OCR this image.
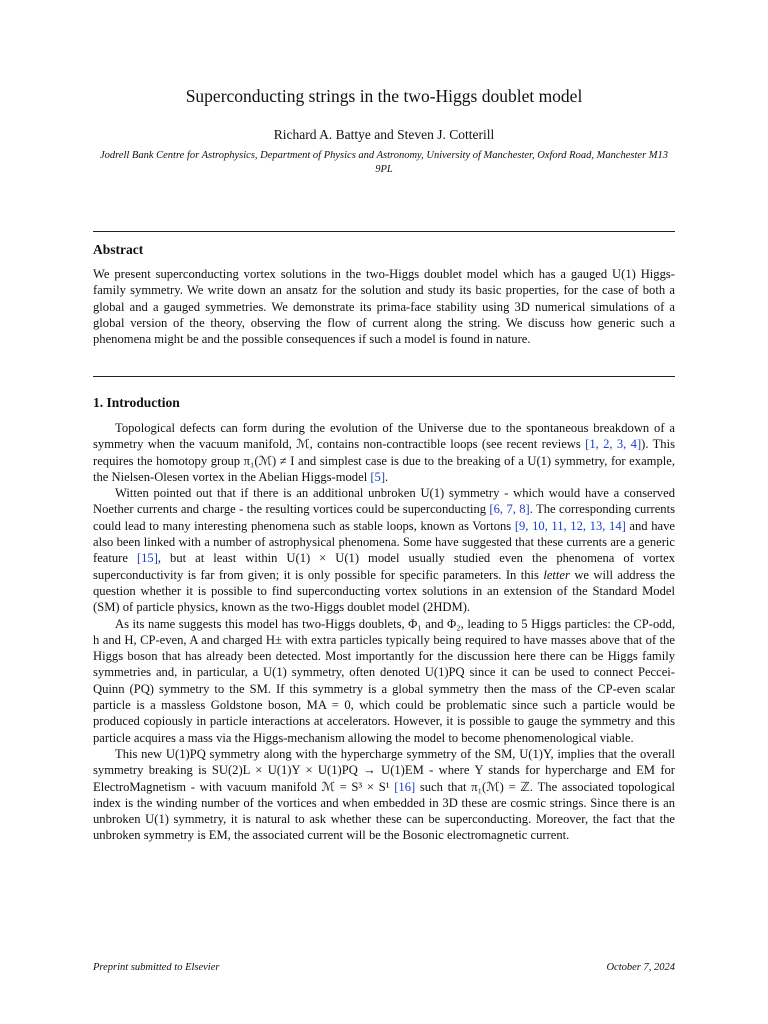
Superconducting strings in the two-Higgs doublet model
Richard A. Battye and Steven J. Cotterill
Jodrell Bank Centre for Astrophysics, Department of Physics and Astronomy, University of Manchester, Oxford Road, Manchester M13 9PL
Abstract
We present superconducting vortex solutions in the two-Higgs doublet model which has a gauged U(1) Higgs-family symmetry. We write down an ansatz for the solution and study its basic properties, for the case of both a global and a gauged symmetries. We demonstrate its prima-face stability using 3D numerical simulations of a global version of the theory, observing the flow of current along the string. We discuss how generic such a phenomena might be and the possible consequences if such a model is found in nature.
1. Introduction

Topological defects can form during the evolution of the Universe due to the spontaneous breakdown of a symmetry when the vacuum manifold, ℳ, contains non-contractible loops (see recent reviews [1, 2, 3, 4]). This requires the homotopy group π₁(ℳ) ≠ I and simplest case is due to the breaking of a U(1) symmetry, for example, the Nielsen-Olesen vortex in the Abelian Higgs-model [5].

Witten pointed out that if there is an additional unbroken U(1) symmetry - which would have a conserved Noether currents and charge - the resulting vortices could be superconducting [6, 7, 8]. The corresponding currents could lead to many interesting phenomena such as stable loops, known as Vortons [9, 10, 11, 12, 13, 14] and have also been linked with a number of astrophysical phenomena. Some have suggested that these currents are a generic feature [15], but at least within U(1) × U(1) model usually studied even the phenomena of vortex superconductivity is far from given; it is only possible for specific parameters. In this letter we will address the question whether it is possible to find superconducting vortex solutions in an extension of the Standard Model (SM) of particle physics, known as the two-Higgs doublet model (2HDM).

As its name suggests this model has two-Higgs doublets, Φ₁ and Φ₂, leading to 5 Higgs particles: the CP-odd, h and H, CP-even, A and charged H± with extra particles typically being required to have masses above that of the Higgs boson that has already been detected. Most importantly for the discussion here there can be Higgs family symmetries and, in particular, a U(1) symmetry, often denoted U(1)PQ since it can be used to connect Peccei-Quinn (PQ) symmetry to the SM. If this symmetry is a global symmetry then the mass of the CP-even scalar particle is a massless Goldstone boson, MA = 0, which could be problematic since such a particle would be produced copiously in particle interactions at accelerators. However, it is possible to gauge the symmetry and this particle acquires a mass via the Higgs-mechanism allowing the model to become phenomenological viable.

This new U(1)PQ symmetry along with the hypercharge symmetry of the SM, U(1)Y, implies that the overall symmetry breaking is SU(2)L × U(1)Y × U(1)PQ → U(1)EM - where Y stands for hypercharge and EM for ElectroMagnetism - with vacuum manifold ℳ = S³ × S¹ [16] such that π₁(ℳ) = ℤ. The associated topological index is the winding number of the vortices and when embedded in 3D these are cosmic strings. Since there is an unbroken U(1) symmetry, it is natural to ask whether these can be superconducting. Moreover, the fact that the unbroken symmetry is EM, the associated current will be the Bosonic electromagnetic current.

Preprint submitted to Elsevier	October 7, 2024
